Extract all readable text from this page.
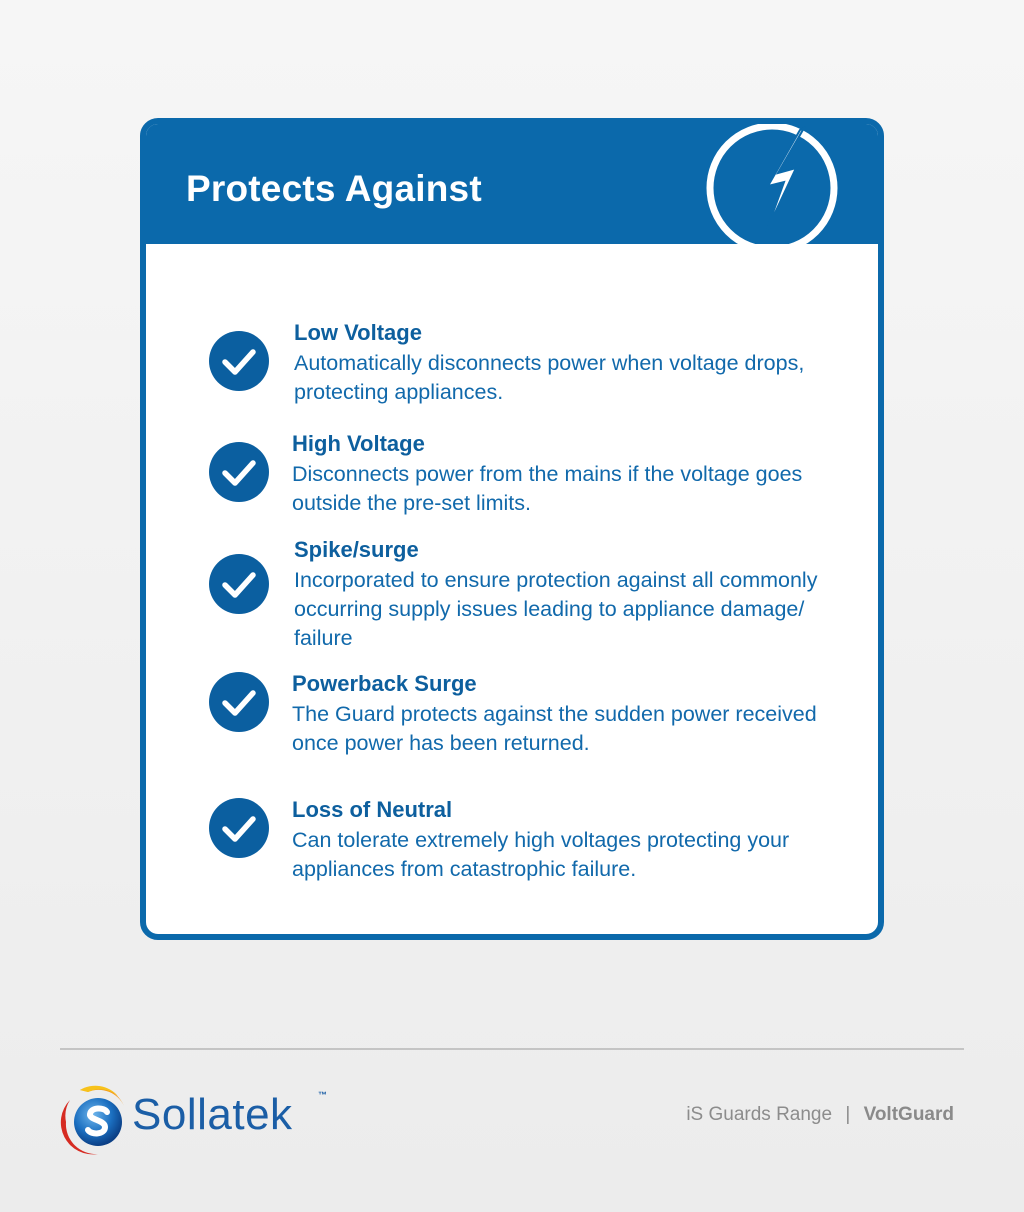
Protects Against
Low Voltage

Automatically disconnects power when voltage drops, protecting appliances.

High Voltage

Disconnects power from the mains if the voltage goes outside the pre-set limits.

Spike/surge

Incorporated to ensure protection against all commonly occurring supply issues leading to appliance damage/ failure

Powerback Surge

The Guard protects against the sudden power received once power has been returned.

Loss of Neutral

Can tolerate extremely high voltages protecting your appliances from catastrophic failure.

Sollatek	™
iS Guards Range | VoltGuard
